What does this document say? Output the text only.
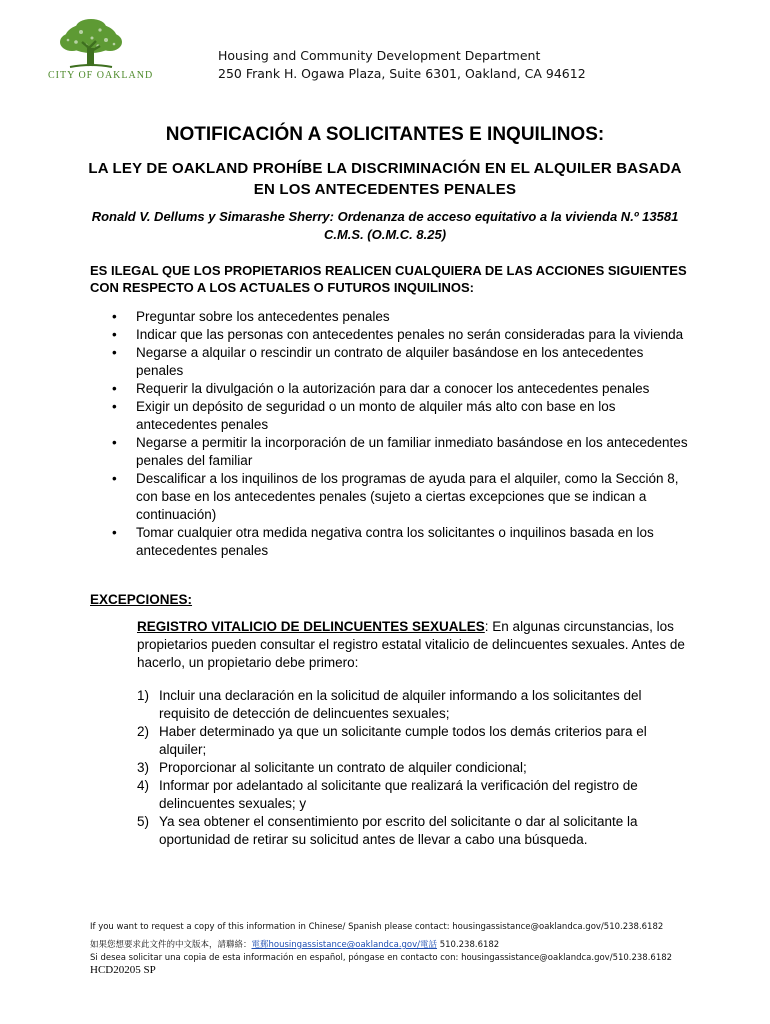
CITY OF OAKLAND
Housing and Community Development Department
250 Frank H. Ogawa Plaza, Suite 6301, Oakland, CA 94612
NOTIFICACIÓN A SOLICITANTES E INQUILINOS:
LA LEY DE OAKLAND PROHÍBE LA DISCRIMINACIÓN EN EL ALQUILER BASADA EN LOS ANTECEDENTES PENALES
Ronald V. Dellums y Simarashe Sherry: Ordenanza de acceso equitativo a la vivienda N.º 13581 C.M.S. (O.M.C. 8.25)
ES ILEGAL QUE LOS PROPIETARIOS REALICEN CUALQUIERA DE LAS ACCIONES SIGUIENTES CON RESPECTO A LOS ACTUALES O FUTUROS INQUILINOS:
• Preguntar sobre los antecedentes penales
• Indicar que las personas con antecedentes penales no serán consideradas para la vivienda
• Negarse a alquilar o rescindir un contrato de alquiler basándose en los antecedentes penales
• Requerir la divulgación o la autorización para dar a conocer los antecedentes penales
• Exigir un depósito de seguridad o un monto de alquiler más alto con base en los antecedentes penales
• Negarse a permitir la incorporación de un familiar inmediato basándose en los antecedentes penales del familiar
• Descalificar a los inquilinos de los programas de ayuda para el alquiler, como la Sección 8, con base en los antecedentes penales (sujeto a ciertas excepciones que se indican a continuación)
• Tomar cualquier otra medida negativa contra los solicitantes o inquilinos basada en los antecedentes penales
EXCEPCIONES:
REGISTRO VITALICIO DE DELINCUENTES SEXUALES: En algunas circunstancias, los propietarios pueden consultar el registro estatal vitalicio de delincuentes sexuales. Antes de hacerlo, un propietario debe primero:
1) Incluir una declaración en la solicitud de alquiler informando a los solicitantes del requisito de detección de delincuentes sexuales;
2) Haber determinado ya que un solicitante cumple todos los demás criterios para el alquiler;
3) Proporcionar al solicitante un contrato de alquiler condicional;
4) Informar por adelantado al solicitante que realizará la verificación del registro de delincuentes sexuales; y
5) Ya sea obtener el consentimiento por escrito del solicitante o dar al solicitante la oportunidad de retirar su solicitud antes de llevar a cabo una búsqueda.
If you want to request a copy of this information in Chinese/ Spanish please contact: housingassistance@oaklandca.gov/510.238.6182
如果您想要求此文件的中文版本，請聯絡：電郵housingassistance@oaklandca.gov/電話 510.238.6182
Si desea solicitar una copia de esta información en español, póngase en contacto con: housingassistance@oaklandca.gov/510.238.6182
HCD20205 SP
